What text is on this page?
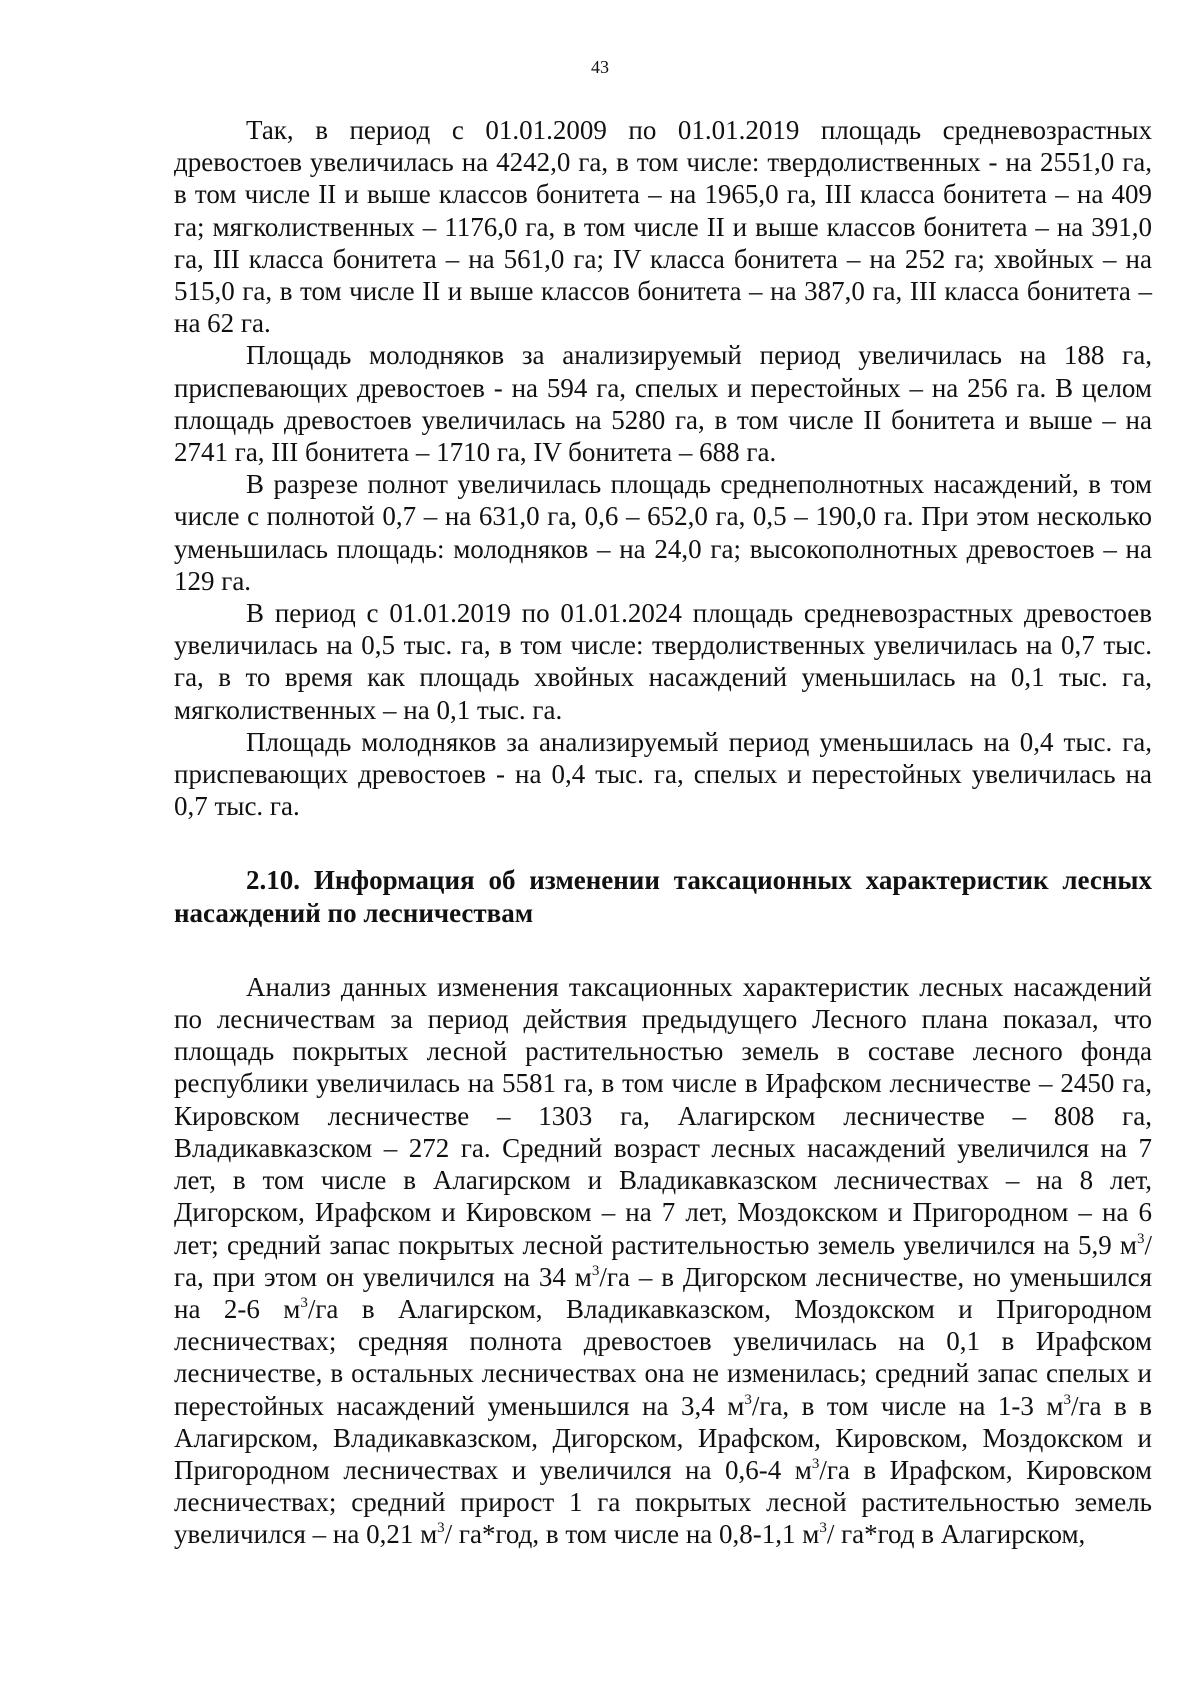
43

Так, в период с 01.01.2009 по 01.01.2019 площадь средневозрастных древостоев увеличилась на 4242,0 га, в том числе: твердолиственных - на 2551,0 га, в том числе II и выше классов бонитета – на 1965,0 га, III класса бонитета – на 409 га; мягколиственных – 1176,0 га, в том числе II и выше классов бонитета – на 391,0 га, III класса бонитета – на 561,0 га; IV класса бонитета – на 252 га; хвойных – на 515,0 га, в том числе II и выше классов бонитета – на 387,0 га, III класса бонитета – на 62 га.

Площадь молодняков за анализируемый период увеличилась на 188 га, приспевающих древостоев - на 594 га, спелых и перестойных – на 256 га. В целом площадь древостоев увеличилась на 5280 га, в том числе II бонитета и выше – на 2741 га, III бонитета – 1710 га, IV бонитета – 688 га.

В разрезе полнот увеличилась площадь среднеполнотных насаждений, в том числе с полнотой 0,7 – на 631,0 га, 0,6 – 652,0 га, 0,5 – 190,0 га. При этом несколько уменьшилась площадь: молодняков – на 24,0 га; высокополнотных древостоев – на 129 га.

В период с 01.01.2019 по 01.01.2024 площадь средневозрастных древостоев увеличилась на 0,5 тыс. га, в том числе: твердолиственных увеличилась на 0,7 тыс. га, в то время как площадь хвойных насаждений уменьшилась на 0,1 тыс. га, мягколиственных – на 0,1 тыс. га.

Площадь молодняков за анализируемый период уменьшилась на 0,4 тыс. га, приспевающих древостоев - на 0,4 тыс. га, спелых и перестойных увеличилась на 0,7 тыс. га.

2.10. Информация об изменении таксационных характеристик лесных насаждений по лесничествам

Анализ данных изменения таксационных характеристик лесных насаждений по лесничествам за период действия предыдущего Лесного плана показал, что площадь покрытых лесной растительностью земель в составе лесного фонда республики увеличилась на 5581 га, в том числе в Ирафском лесничестве – 2450 га, Кировском лесничестве – 1303 га, Алагирском лесничестве – 808 га, Владикавказском – 272 га. Средний возраст лесных насаждений увеличился на 7 лет, в том числе в Алагирском и Владикавказском лесничествах – на 8 лет, Дигорском, Ирафском и Кировском – на 7 лет, Моздокском и Пригородном – на 6 лет; средний запас покрытых лесной растительностью земель увеличился на 5,9 $м^3/га$, при этом он увеличился на 34 $м^3/га$ – в Дигорском лесничестве, но уменьшился на 2-6 $м^3/га$ в Алагирском, Владикавказском, Моздокском и Пригородном лесничествах; средняя полнота древостоев увеличилась на 0,1 в Ирафском лесничестве, в остальных лесничествах она не изменилась; средний запас спелых и перестойных насаждений уменьшился на 3,4 $м^3/га$, в том числе на 1-3 $м^3/га$ в в Алагирском, Владикавказском, Дигорском, Ирафском, Кировском, Моздокском и Пригородном лесничествах и увеличился на 0,6-4 $м^3/га$ в Ирафском, Кировском лесничествах; средний прирост 1 га покрытых лесной растительностью земель увеличился – на 0,21 $м^3/$ га*год, в том числе на 0,8-1,1 $м^3/$ га*год в Алагирском,
